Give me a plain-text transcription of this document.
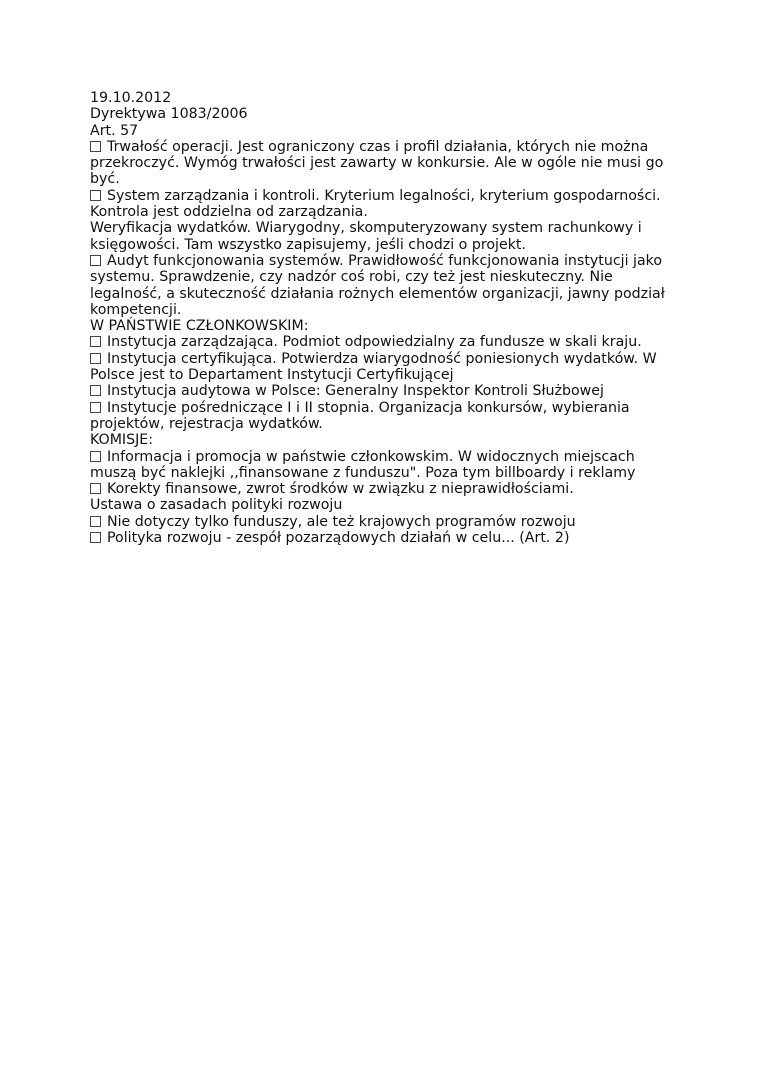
19.10.2012

Dyrektywa 1083/2006

Art. 57

Trwałość operacji. Jest ograniczony czas i profil działania, których nie można przekroczyć. Wymóg trwałości jest zawarty w konkursie. Ale w ogóle nie musi go być.

System zarządzania i kontroli. Kryterium legalności, kryterium gospodarności. Kontrola jest oddzielna od zarządzania.

Weryfikacja wydatków. Wiarygodny, skomputeryzowany system rachunkowy i księgowości. Tam wszystko zapisujemy, jeśli chodzi o projekt.

Audyt funkcjonowania systemów. Prawidłowość funkcjonowania instytucji jako systemu. Sprawdzenie, czy nadzór coś robi, czy też jest nieskuteczny. Nie legalność, a skuteczność działania rożnych elementów organizacji, jawny podział kompetencji.

W PAŃSTWIE CZŁONKOWSKIM:

Instytucja zarządzająca. Podmiot odpowiedzialny za fundusze w skali kraju.

Instytucja certyfikująca. Potwierdza wiarygodność poniesionych wydatków. W Polsce jest to Departament Instytucji Certyfikującej

Instytucja audytowa w Polsce: Generalny Inspektor Kontroli Służbowej

Instytucje pośredniczące I i II stopnia. Organizacja konkursów, wybierania projektów, rejestracja wydatków.

KOMISJE:

Informacja i promocja w państwie członkowskim. W widocznych miejscach muszą być naklejki ,,finansowane z funduszu". Poza tym billboardy i reklamy

Korekty finansowe, zwrot środków w związku z nieprawidłościami.

Ustawa o zasadach polityki rozwoju

Nie dotyczy tylko funduszy, ale też krajowych programów rozwoju

Polityka rozwoju - zespół pozarządowych działań w celu... (Art. 2)
